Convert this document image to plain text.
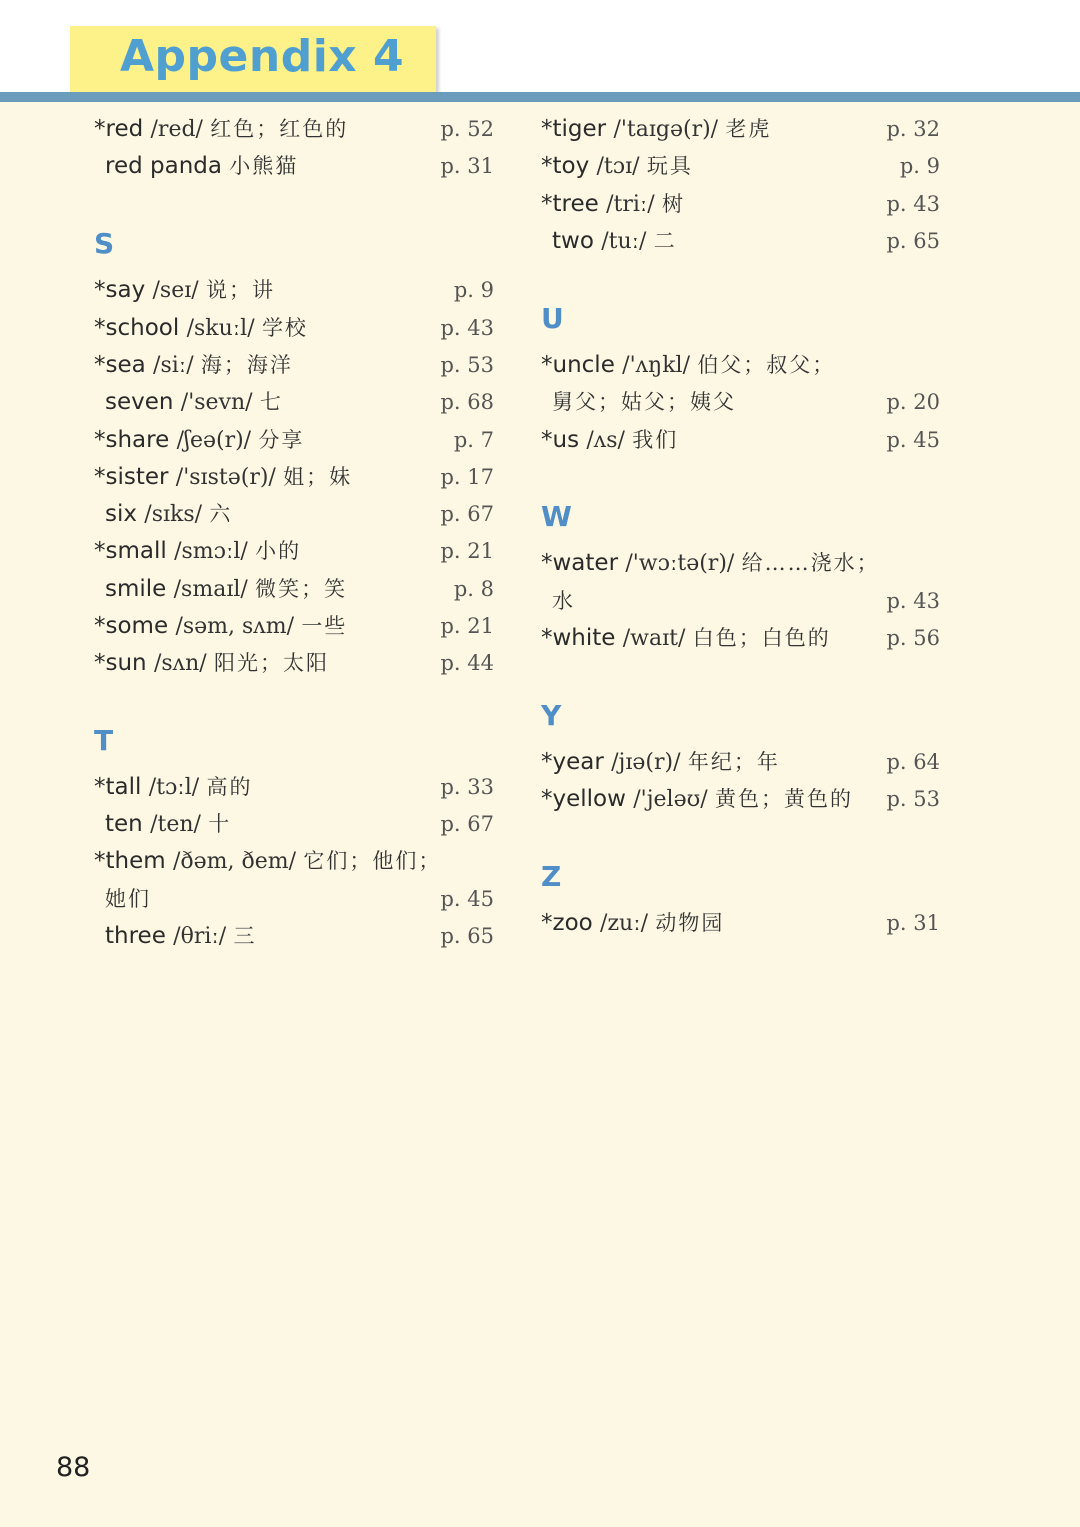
Appendix 4
*red /red/ 红色；红色的	p. 52
red panda 小熊猫	p. 31
S
*say /seɪ/ 说；讲	p. 9
*school /skuːl/ 学校	p. 43
*sea /siː/ 海；海洋	p. 53
seven /'sevn/ 七	p. 68
*share /ʃeə(r)/ 分享	p. 7
*sister /'sɪstə(r)/ 姐；妹	p. 17
six /sɪks/ 六	p. 67
*small /smɔːl/ 小的	p. 21
smile /smaɪl/ 微笑；笑	p. 8
*some /səm, sʌm/ 一些	p. 21
*sun /sʌn/ 阳光；太阳	p. 44
T
*tall /tɔːl/ 高的	p. 33
ten /ten/ 十	p. 67
*them /ðəm, ðem/ 它们；他们；
她们	p. 45
three /θriː/ 三	p. 65
*tiger /'taɪgə(r)/ 老虎	p. 32
*toy /tɔɪ/ 玩具	p. 9
*tree /triː/ 树	p. 43
two /tuː/ 二	p. 65
U
*uncle /'ʌŋkl/ 伯父；叔父；
舅父；姑父；姨父	p. 20
*us /ʌs/ 我们	p. 45
W
*water /'wɔːtə(r)/ 给……浇水；
水	p. 43
*white /waɪt/ 白色；白色的	p. 56
Y
*year /jɪə(r)/ 年纪；年	p. 64
*yellow /'jeləʊ/ 黄色；黄色的	p. 53
Z
*zoo /zuː/ 动物园	p. 31
88
